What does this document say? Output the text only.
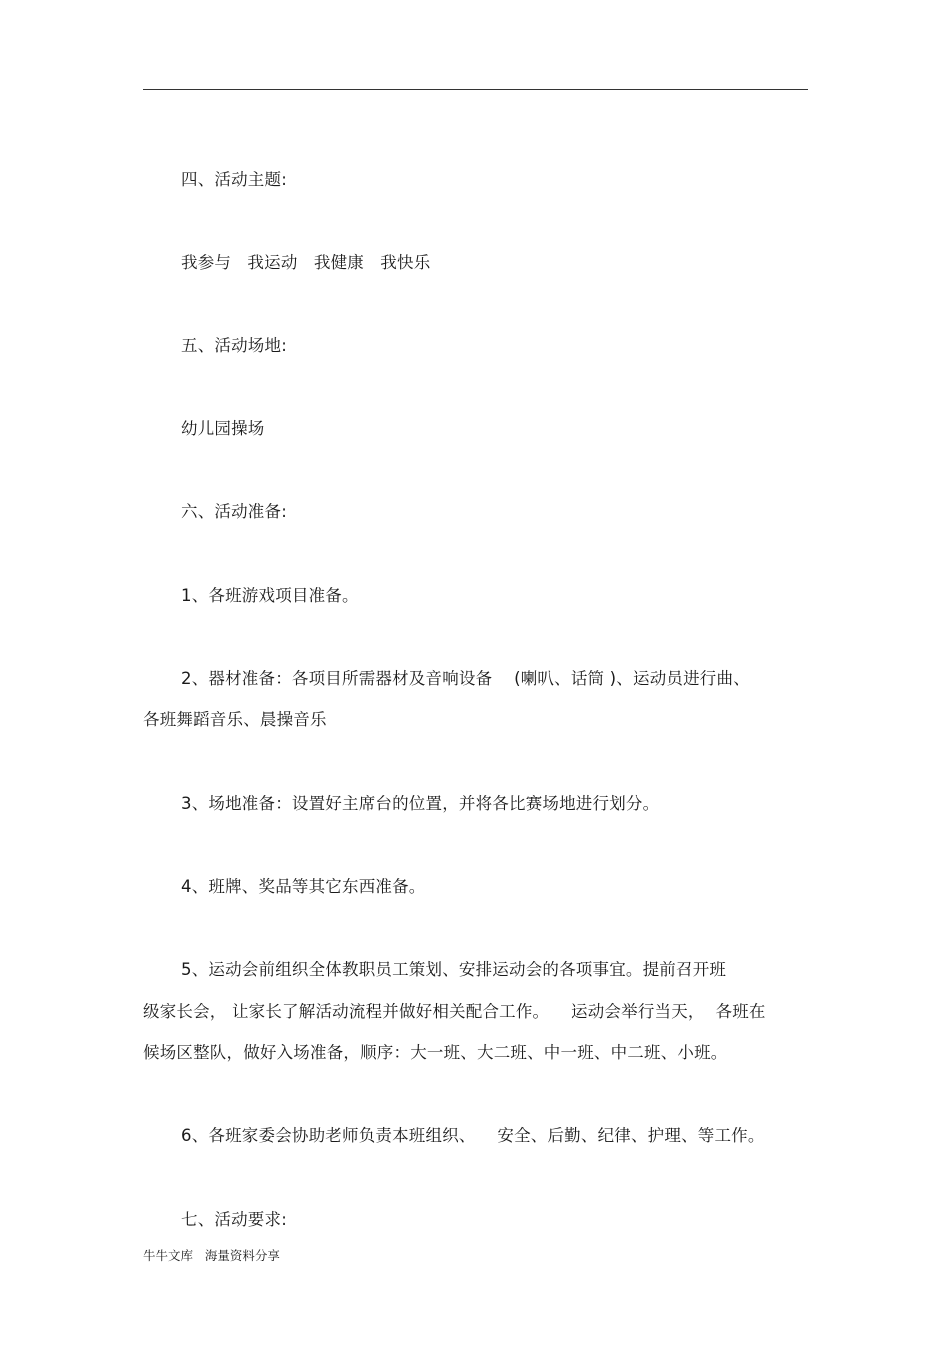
四、活动主题:
我参与   我运动   我健康   我快乐
五、活动场地:
幼儿园操场
六、活动准备:
1、各班游戏项目准备。
2、器材准备：各项目所需器材及音响设备    (喇叭、话筒 )、运动员进行曲、
各班舞蹈音乐、晨操音乐
3、场地准备：设置好主席台的位置，并将各比赛场地进行划分。
4、班牌、奖品等其它东西准备。
5、运动会前组织全体教职员工策划、安排运动会的各项事宜。提前召开班
级家长会， 让家长了解活动流程并做好相关配合工作。    运动会举行当天，  各班在
候场区整队，做好入场准备，顺序：大一班、大二班、中一班、中二班、小班。
6、各班家委会协助老师负责本班组织、    安全、后勤、纪律、护理、等工作。
七、活动要求:
牛牛文库   海量资料分享
